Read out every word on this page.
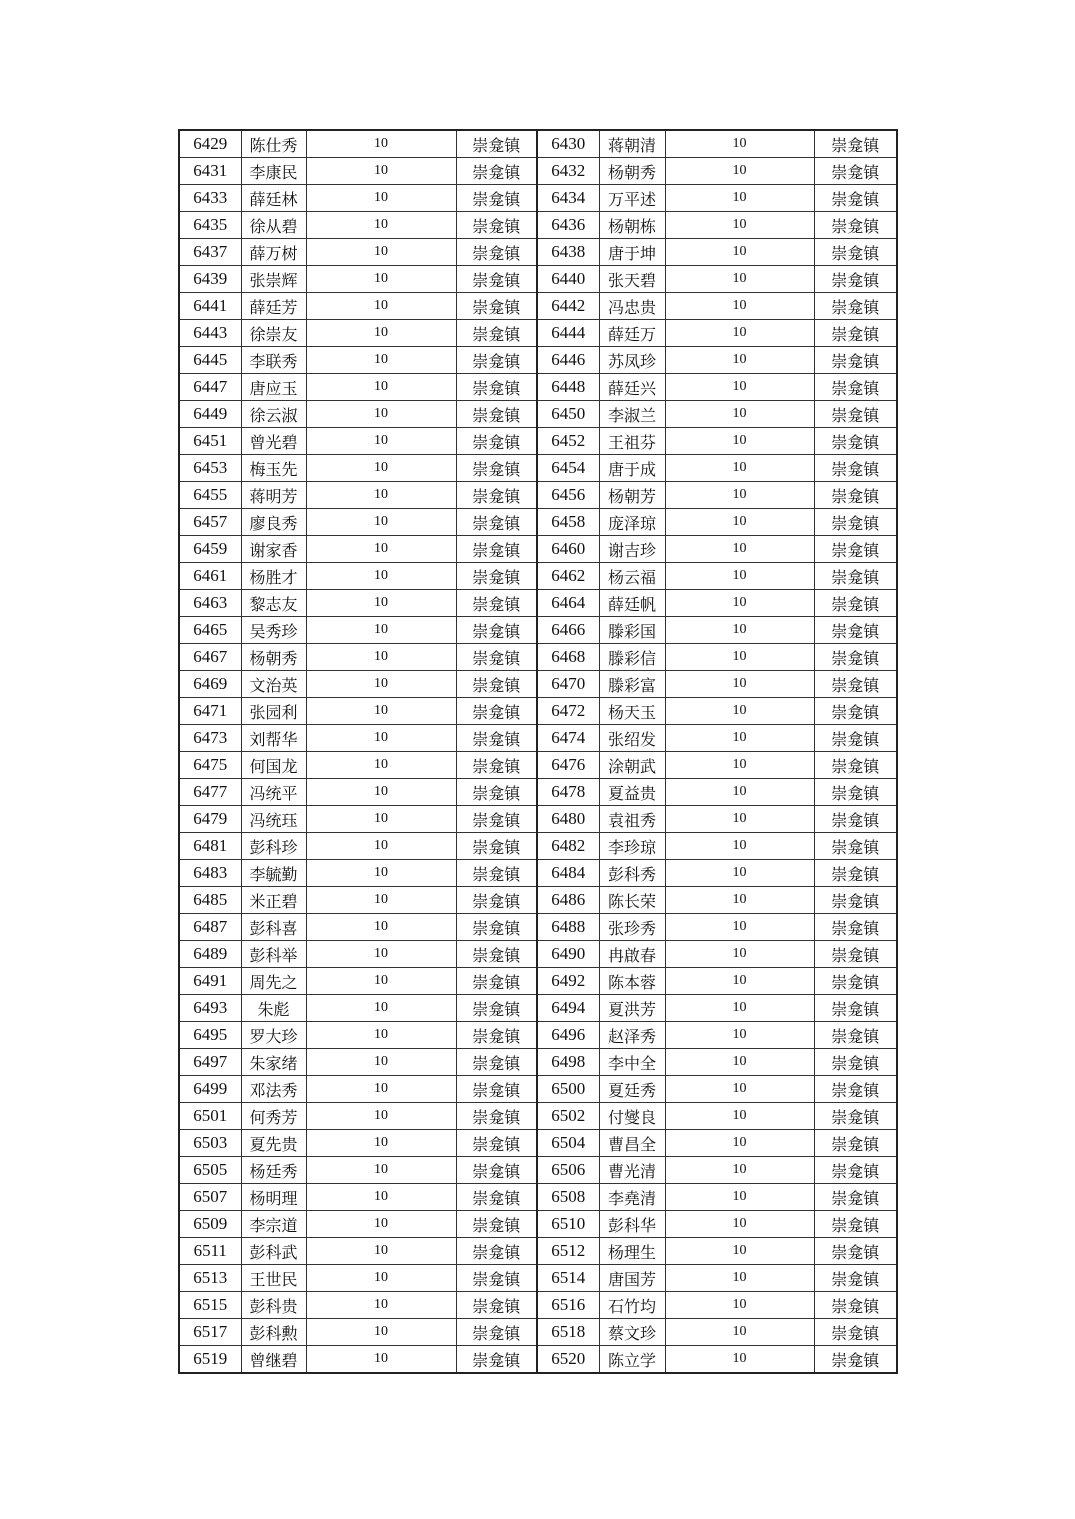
6429	陈仕秀	10	崇龛镇	6430	蒋朝清	10	崇龛镇
6431	李康民	10	崇龛镇	6432	杨朝秀	10	崇龛镇
6433	薛廷林	10	崇龛镇	6434	万平述	10	崇龛镇
6435	徐从碧	10	崇龛镇	6436	杨朝栋	10	崇龛镇
6437	薛万树	10	崇龛镇	6438	唐于坤	10	崇龛镇
6439	张崇辉	10	崇龛镇	6440	张天碧	10	崇龛镇
6441	薛廷芳	10	崇龛镇	6442	冯忠贵	10	崇龛镇
6443	徐崇友	10	崇龛镇	6444	薛廷万	10	崇龛镇
6445	李联秀	10	崇龛镇	6446	苏凤珍	10	崇龛镇
6447	唐应玉	10	崇龛镇	6448	薛廷兴	10	崇龛镇
6449	徐云淑	10	崇龛镇	6450	李淑兰	10	崇龛镇
6451	曾光碧	10	崇龛镇	6452	王祖芬	10	崇龛镇
6453	梅玉先	10	崇龛镇	6454	唐于成	10	崇龛镇
6455	蒋明芳	10	崇龛镇	6456	杨朝芳	10	崇龛镇
6457	廖良秀	10	崇龛镇	6458	庞泽琼	10	崇龛镇
6459	谢家香	10	崇龛镇	6460	谢吉珍	10	崇龛镇
6461	杨胜才	10	崇龛镇	6462	杨云福	10	崇龛镇
6463	黎志友	10	崇龛镇	6464	薛廷帆	10	崇龛镇
6465	吴秀珍	10	崇龛镇	6466	滕彩国	10	崇龛镇
6467	杨朝秀	10	崇龛镇	6468	滕彩信	10	崇龛镇
6469	文治英	10	崇龛镇	6470	滕彩富	10	崇龛镇
6471	张园利	10	崇龛镇	6472	杨天玉	10	崇龛镇
6473	刘帮华	10	崇龛镇	6474	张绍发	10	崇龛镇
6475	何国龙	10	崇龛镇	6476	涂朝武	10	崇龛镇
6477	冯统平	10	崇龛镇	6478	夏益贵	10	崇龛镇
6479	冯统珏	10	崇龛镇	6480	袁祖秀	10	崇龛镇
6481	彭科珍	10	崇龛镇	6482	李珍琼	10	崇龛镇
6483	李毓勤	10	崇龛镇	6484	彭科秀	10	崇龛镇
6485	米正碧	10	崇龛镇	6486	陈长荣	10	崇龛镇
6487	彭科喜	10	崇龛镇	6488	张珍秀	10	崇龛镇
6489	彭科举	10	崇龛镇	6490	冉啟春	10	崇龛镇
6491	周先之	10	崇龛镇	6492	陈本蓉	10	崇龛镇
6493	朱彪	10	崇龛镇	6494	夏洪芳	10	崇龛镇
6495	罗大珍	10	崇龛镇	6496	赵泽秀	10	崇龛镇
6497	朱家绪	10	崇龛镇	6498	李中全	10	崇龛镇
6499	邓法秀	10	崇龛镇	6500	夏廷秀	10	崇龛镇
6501	何秀芳	10	崇龛镇	6502	付燮良	10	崇龛镇
6503	夏先贵	10	崇龛镇	6504	曹昌全	10	崇龛镇
6505	杨廷秀	10	崇龛镇	6506	曹光清	10	崇龛镇
6507	杨明理	10	崇龛镇	6508	李堯清	10	崇龛镇
6509	李宗道	10	崇龛镇	6510	彭科华	10	崇龛镇
6511	彭科武	10	崇龛镇	6512	杨理生	10	崇龛镇
6513	王世民	10	崇龛镇	6514	唐国芳	10	崇龛镇
6515	彭科贵	10	崇龛镇	6516	石竹均	10	崇龛镇
6517	彭科勲	10	崇龛镇	6518	蔡文珍	10	崇龛镇
6519	曾继碧	10	崇龛镇	6520	陈立学	10	崇龛镇
